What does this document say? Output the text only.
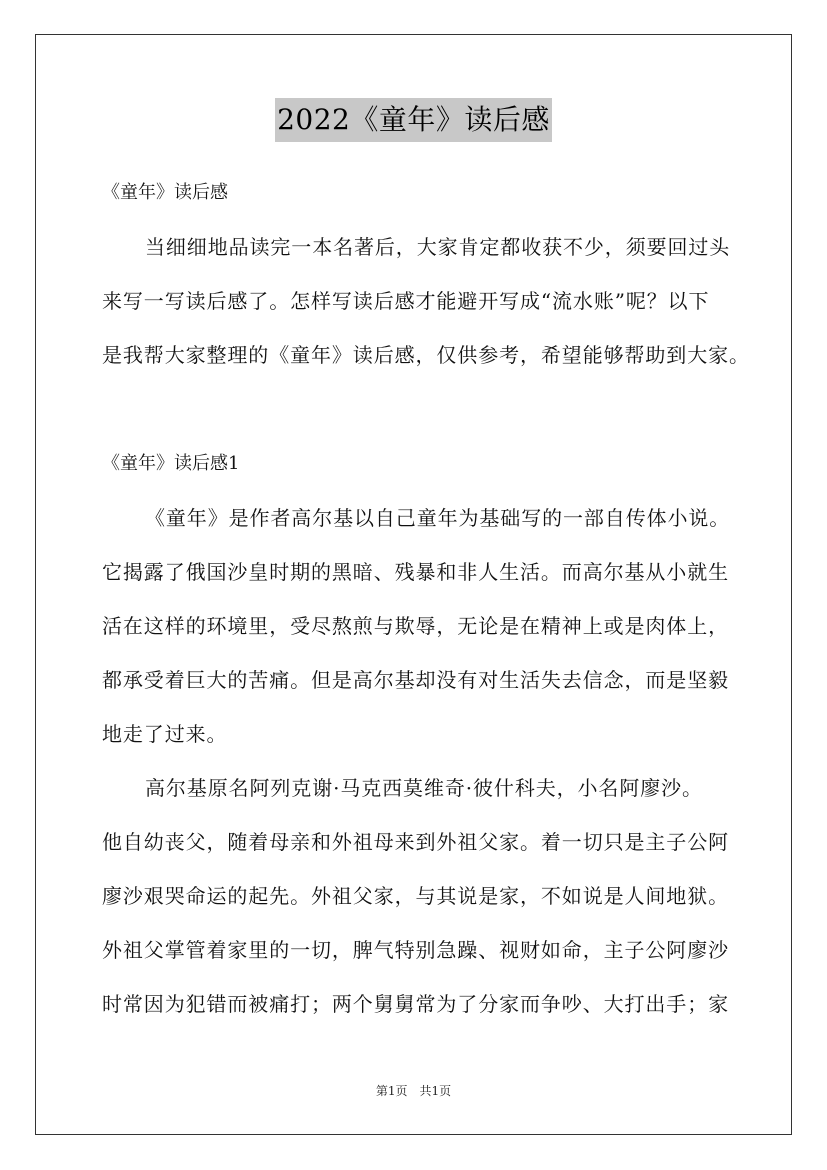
2022《童年》读后感
《童年》读后感
当细细地品读完一本名著后，大家肯定都收获不少，须要回过头
来写一写读后感了。怎样写读后感才能避开写成“流水账”呢？以下
是我帮大家整理的《童年》读后感，仅供参考，希望能够帮助到大家。
《童年》读后感1
《童年》是作者高尔基以自己童年为基础写的一部自传体小说。
它揭露了俄国沙皇时期的黑暗、残暴和非人生活。而高尔基从小就生
活在这样的环境里，受尽熬煎与欺辱，无论是在精神上或是肉体上，
都承受着巨大的苦痛。但是高尔基却没有对生活失去信念，而是坚毅
地走了过来。
高尔基原名阿列克谢·马克西莫维奇·彼什科夫，小名阿廖沙。
他自幼丧父，随着母亲和外祖母来到外祖父家。着一切只是主子公阿
廖沙艰哭命运的起先。外祖父家，与其说是家，不如说是人间地狱。
外祖父掌管着家里的一切，脾气特别急躁、视财如命，主子公阿廖沙
时常因为犯错而被痛打；两个舅舅常为了分家而争吵、大打出手；家
第1页　共1页
